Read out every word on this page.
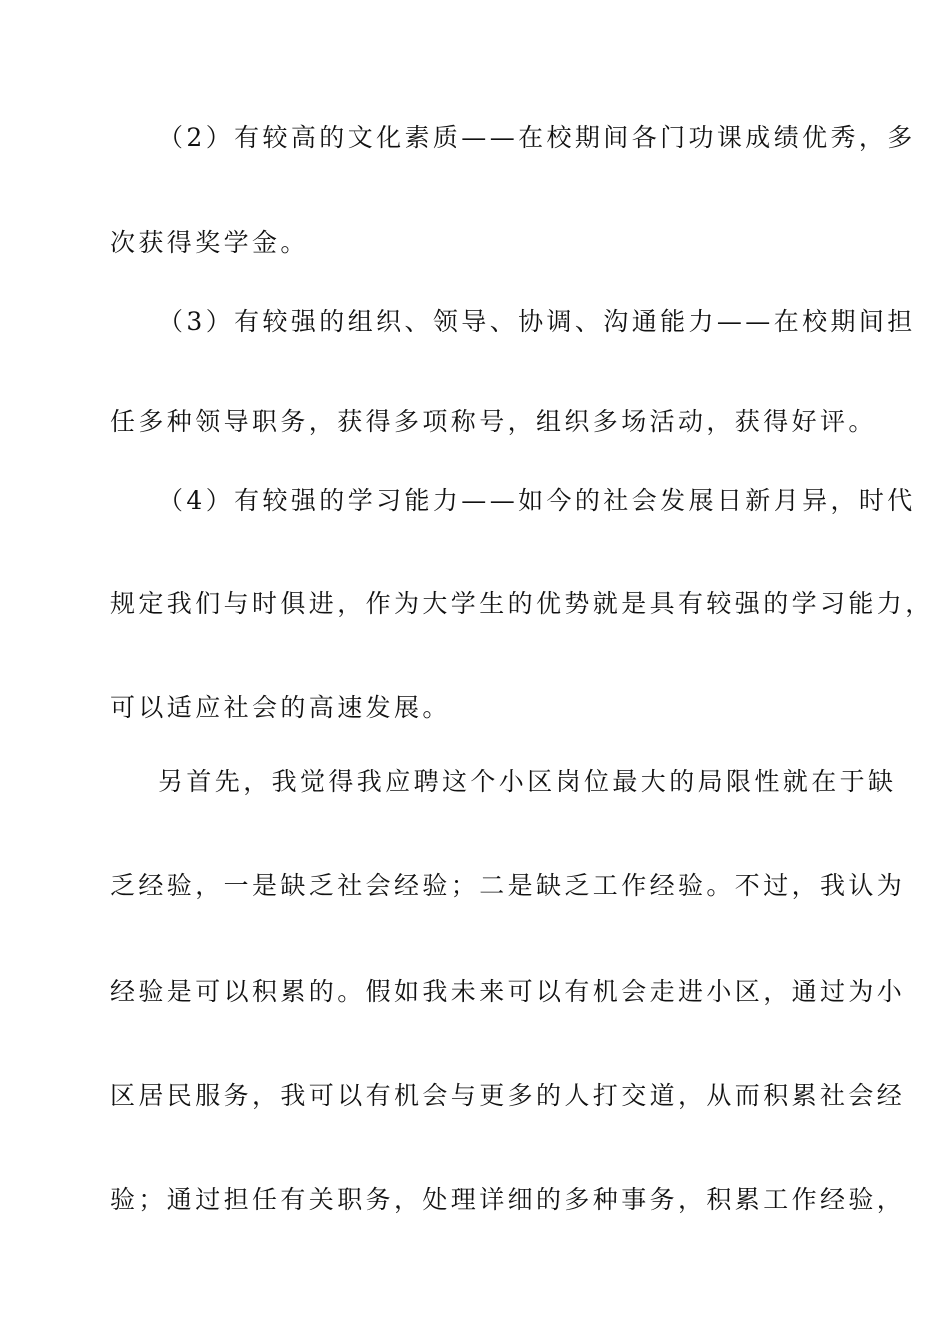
（2）有较高的文化素质——在校期间各门功课成绩优秀，多
次获得奖学金。
（3）有较强的组织、领导、协调、沟通能力——在校期间担
任多种领导职务，获得多项称号，组织多场活动，获得好评。
（4）有较强的学习能力——如今的社会发展日新月异，时代
规定我们与时俱进，作为大学生的优势就是具有较强的学习能力，
可以适应社会的高速发展。
另首先，我觉得我应聘这个小区岗位最大的局限性就在于缺
乏经验，一是缺乏社会经验；二是缺乏工作经验。不过，我认为
经验是可以积累的。假如我未来可以有机会走进小区，通过为小
区居民服务，我可以有机会与更多的人打交道，从而积累社会经
验；通过担任有关职务，处理详细的多种事务，积累工作经验，
